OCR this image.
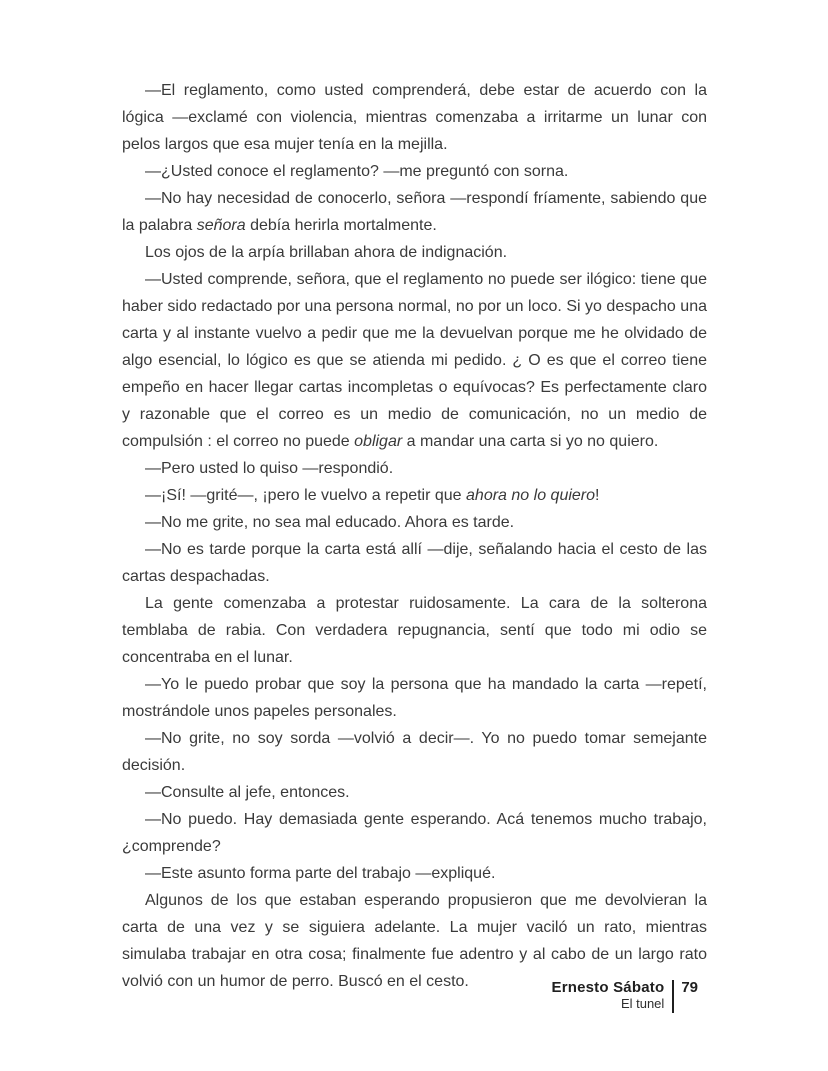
—El reglamento, como usted comprenderá, debe estar de acuerdo con la lógica —exclamé con violencia, mientras comenzaba a irritarme un lunar con pelos largos que esa mujer tenía en la mejilla.

—¿Usted conoce el reglamento? —me preguntó con sorna.

—No hay necesidad de conocerlo, señora —respondí fríamente, sabiendo que la palabra señora debía herirla mortalmente.

Los ojos de la arpía brillaban ahora de indignación.

—Usted comprende, señora, que el reglamento no puede ser ilógico: tiene que haber sido redactado por una persona normal, no por un loco. Si yo despacho una carta y al instante vuelvo a pedir que me la devuelvan porque me he olvidado de algo esencial, lo lógico es que se atienda mi pedido. ¿ O es que el correo tiene empeño en hacer llegar cartas incompletas o equívocas? Es perfectamente claro y razonable que el correo es un medio de comunicación, no un medio de compulsión : el correo no puede obligar a mandar una carta si yo no quiero.

—Pero usted lo quiso —respondió.

—¡Sí! —grité—, ¡pero le vuelvo a repetir que ahora no lo quiero!

—No me grite, no sea mal educado. Ahora es tarde.

—No es tarde porque la carta está allí —dije, señalando hacia el cesto de las cartas despachadas.

La gente comenzaba a protestar ruidosamente. La cara de la solterona temblaba de rabia. Con verdadera repugnancia, sentí que todo mi odio se concentraba en el lunar.

—Yo le puedo probar que soy la persona que ha mandado la carta —repetí, mostrándole unos papeles personales.

—No grite, no soy sorda —volvió a decir—. Yo no puedo tomar semejante decisión.

—Consulte al jefe, entonces.

—No puedo. Hay demasiada gente esperando. Acá tenemos mucho trabajo, ¿comprende?

—Este asunto forma parte del trabajo —expliqué.

Algunos de los que estaban esperando propusieron que me devolvieran la carta de una vez y se siguiera adelante. La mujer vaciló un rato, mientras simulaba trabajar en otra cosa; finalmente fue adentro y al cabo de un largo rato volvió con un humor de perro. Buscó en el cesto.	Ernesto Sábato
El tunel
79
